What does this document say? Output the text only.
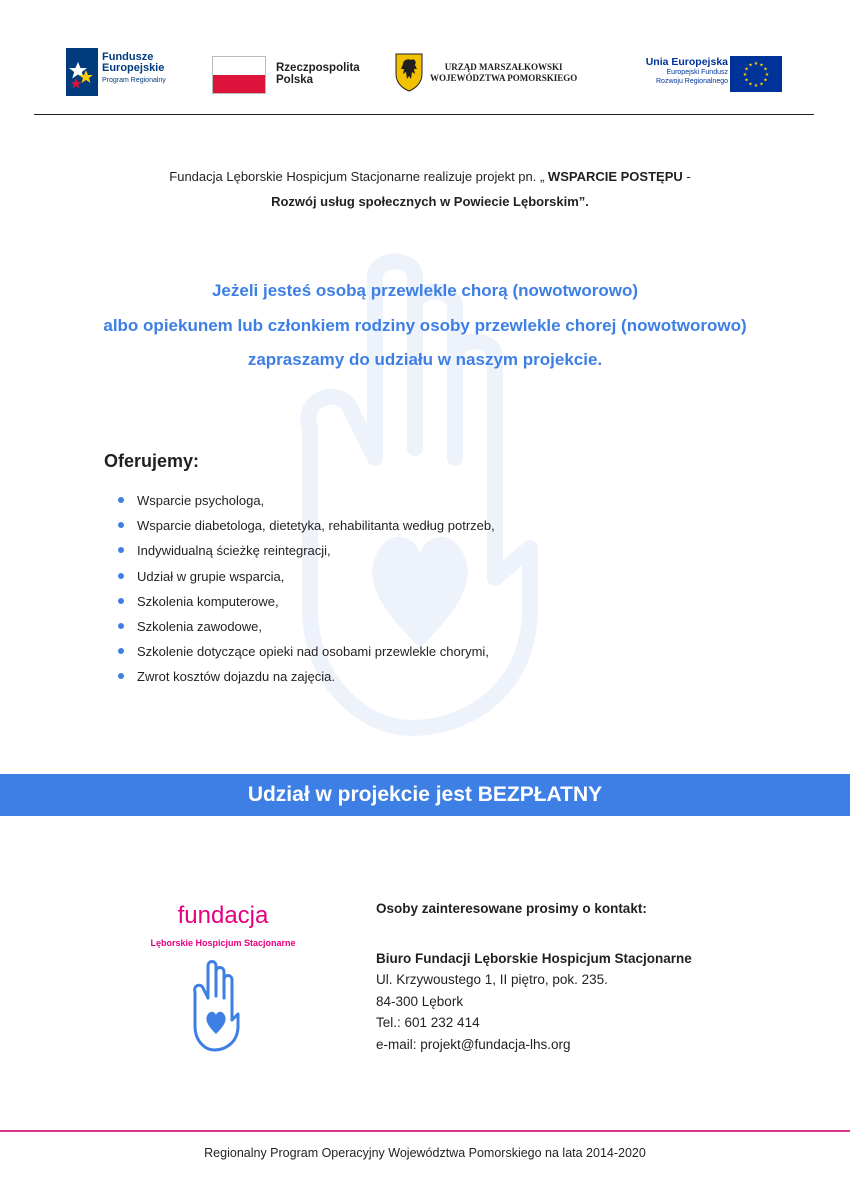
Fundusze
Europejskie
Program Regionalny
Rzeczpospolita
Polska
URZĄD MARSZAŁKOWSKI
WOJEWÓDZTWA POMORSKIEGO
Unia Europejska
Europejski Fundusz
Rozwoju Regionalnego
★ ★
★
★
★
★
★
★
★
★
★
★
Fundacja Lęborskie Hospicjum Stacjonarne realizuje projekt pn. „ WSPARCIE POSTĘPU -
Rozwój usług społecznych w Powiecie Lęborskim”.
Jeżeli jesteś osobą przewlekle chorą (nowotworowo)
albo opiekunem lub członkiem rodziny osoby przewlekle chorej (nowotworowo)
zapraszamy do udziału w naszym projekcie.
Oferujemy:
Wsparcie psychologa,
Wsparcie diabetologa, dietetyka, rehabilitanta według potrzeb,
Indywidualną ścieżkę reintegracji,
Udział w grupie wsparcia,
Szkolenia komputerowe,
Szkolenia zawodowe,
Szkolenie dotyczące opieki nad osobami przewlekle chorymi,
Zwrot kosztów dojazdu na zajęcia.
Udział w projekcie jest BEZPŁATNY
fundacja
Lęborskie Hospicjum Stacjonarne
Osoby zainteresowane prosimy o kontakt:
Biuro Fundacji Lęborskie Hospicjum Stacjonarne
Ul. Krzywoustego 1, II piętro, pok. 235.
84-300 Lębork
Tel.: 601 232 414
e-mail: projekt@fundacja-lhs.org
Regionalny Program Operacyjny Województwa Pomorskiego na lata 2014-2020
